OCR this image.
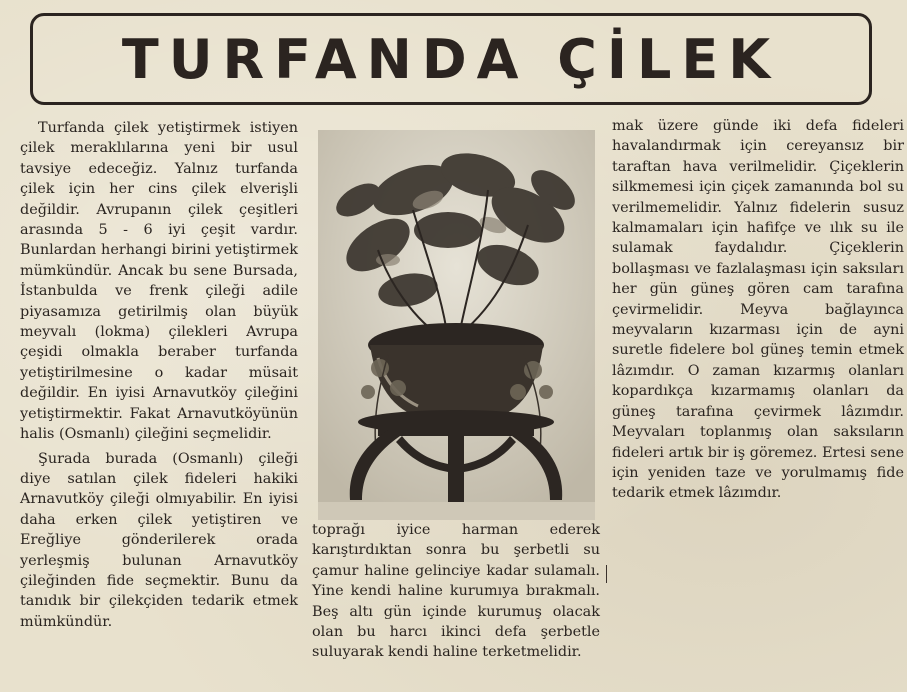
TURFANDA ÇİLEK

Turfanda çilek yetiştirmek istiyen çilek meraklılarına yeni bir usul tavsiye edeceğiz. Yalnız turfanda çilek için her cins çilek elverişli değildir. Avrupanın çilek çeşitleri arasında 5 - 6 iyi çeşit vardır. Bunlardan herhangi birini yetiştirmek mümkündür. Ancak bu sene Bursada, İstanbulda ve frenk çileği adile piyasamıza getirilmiş olan büyük meyvalı (lokma) çilekleri Avrupa çeşidi olmakla beraber turfanda yetiştirilmesine o kadar müsait değildir. En iyisi Arnavutköy çileğini yetiştirmektir. Fakat Arnavutköyünün halis (Osmanlı) çileğini seçmelidir.

Şurada burada (Osmanlı) çileği diye satılan çilek fideleri hakiki Arnavutköy çileği olmıyabilir. En iyisi daha erken çilek yetiştiren ve Ereğliye gönderilerek orada yerleşmiş bulunan Arnavutköy çileğinden fide seçmektir. Bunu da tanıdık bir çilekçiden tedarik etmek mümkündür.

toprağı iyice harman ederek karıştırdıktan sonra bu şerbetli su çamur haline gelinciye kadar sulamalı. Yine kendi haline kurumıya bırakmalı. Beş altı gün içinde kurumuş olacak olan bu harcı ikinci defa şerbetle suluyarak kendi haline terketmelidir.

mak üzere günde iki defa fideleri havalandırmak için cereyansız bir taraftan hava verilmelidir. Çiçeklerin silkmemesi için çiçek zamanında bol su verilmemelidir. Yalnız fidelerin susuz kalmamaları için hafifçe ve ılık su ile sulamak faydalıdır. Çiçeklerin bollaşması ve fazlalaşması için saksıları her gün güneş gören cam tarafına çevirmelidir. Meyva bağlayınca meyvaların kızarması için de ayni suretle fidelere bol güneş temin etmek lâzımdır. O zaman kızarmış olanları kopardıkça kızarmamış olanları da güneş tarafına çevirmek lâzımdır. Meyvaları toplanmış olan saksıların fideleri artık bir iş göremez. Ertesi sene için yeniden taze ve yorulmamış fide tedarik etmek lâzımdır.
